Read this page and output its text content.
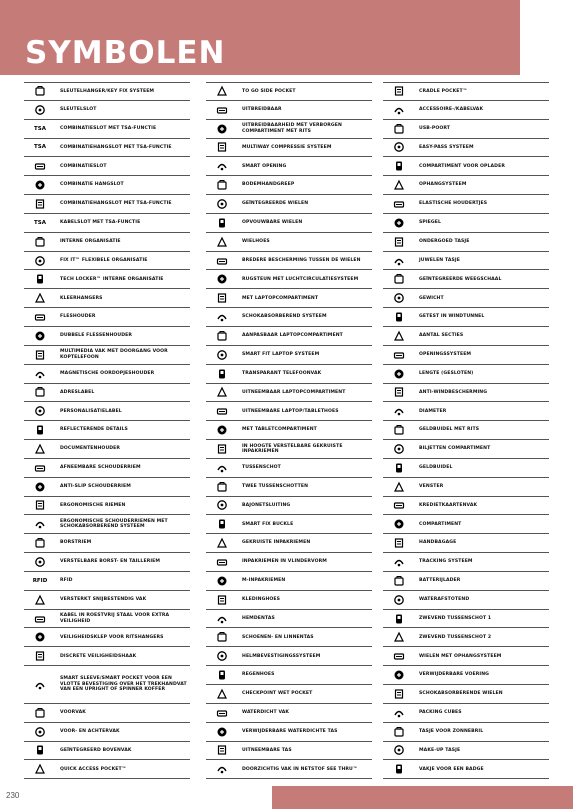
SYMBOLEN
SLEUTELHANGER/KEY FIX SYSTEEM
SLEUTELSLOT
TSA	COMBINATIESLOT MET TSA-FUNCTIE
TSA	COMBINATIEHANGSLOT MET TSA-FUNCTIE
COMBINATIESLOT
COMBINATIE HANGSLOT
COMBINATIEHANGSLOT MET TSA-FUNCTIE
TSA	KABELSLOT MET TSA-FUNCTIE
INTERNE ORGANISATIE
FIX IT™ FLEXIBELE ORGANISATIE
TECH LOCKER™ INTERNE ORGANISATIE
KLEERHANGERS
FLESHOUDER
DUBBELE FLESSENHOUDER
MULTIMEDIA VAK MET DOORGANG VOOR KOPTELEFOON
MAGNETISCHE OORDOPJESHOUDER
ADRESLABEL
PERSONALISATIELABEL
REFLECTERENDE DETAILS
DOCUMENTENHOUDER
AFNEEMBARE SCHOUDERRIEM
ANTI-SLIP SCHOUDERRIEM
ERGONOMISCHE RIEMEN
ERGONOMISCHE SCHOUDERRIEMEN MET SCHOKABSORBEREND SYSTEEM
BORSTRIEM
VERSTELBARE BORST- EN TAILLERIEM
RFID	RFID
VERSTERKT SNIJBESTENDIG VAK
KABEL IN ROESTVRIJ STAAL VOOR EXTRA VEILIGHEID
VEILIGHEIDSKLEP VOOR RITSHANGERS
DISCRETE VEILIGHEIDSHAAK
SMART SLEEVE/SMART POCKET VOOR EEN VLOTTE BEVESTIGING OVER HET TREKHANDVAT VAN EEN UPRIGHT OF SPINNER KOFFER
VOORVAK
VOOR- EN ACHTERVAK
GEÏNTEGREERD BOVENVAK
QUICK ACCESS POCKET™
TO GO SIDE POCKET
UITBREIDBAAR
UITBREIDBAARHEID MET VERBORGEN COMPARTIMENT MET RITS
MULTIWAY COMPRESSIE SYSTEEM
SMART OPENING
BODEMHANDGREEP
GEÏNTEGREERDE WIELEN
OPVOUWBARE WIELEN
WIELHOES
BREDERE BESCHERMING TUSSEN DE WIELEN
RUGSTEUN MET LUCHTCIRCULATIESYSTEEM
MET LAPTOPCOMPARTIMENT
SCHOKABSORBEREND SYSTEEM
AANPASBAAR LAPTOPCOMPARTIMENT
SMART FIT LAPTOP SYSTEEM
TRANSPARANT TELEFOONVAK
UITNEEMBAAR LAPTOPCOMPARTIMENT
UITNEEMBARE LAPTOP/TABLETHOES
MET TABLETCOMPARTIMENT
IN HOOGTE VERSTELBARE GEKRUISTE INPAKRIEMEN
TUSSENSCHOT
TWEE TUSSENSCHOTTEN
BAJONETSLUITING
SMART FIX BUCKLE
GEKRUISTE INPAKRIEMEN
INPAKRIEMEN IN VLINDERVORM
M-INPAKRIEMEN
KLEDINGHOES
HEMDENTAS
SCHOENEN- EN LINNENTAS
HELMBEVESTIGINGSSYSTEEM
REGENHOES
CHECKPOINT WET POCKET
WATERDICHT VAK
VERWIJDERBARE WATERDICHTE TAS
UITNEEMBARE TAS
DOORZICHTIG VAK IN NETSTOF SEE THRU™
CRADLE POCKET™
ACCESSOIRE-/KABELVAK
USB-POORT
EASY-PASS SYSTEEM
COMPARTIMENT VOOR OPLADER
OPHANGSYSTEEM
ELASTISCHE HOUDERTJES
SPIEGEL
ONDERGOED TASJE
JUWELEN TASJE
GEÏNTEGREERDE WEEGSCHAAL
GEWICHT
GETEST IN WINDTUNNEL
AANTAL SECTIES
OPENINGSSYSTEEM
LENGTE (GESLOTEN)
ANTI-WINDBESCHERMING
DIAMETER
GELDBUIDEL MET RITS
BILJETTEN COMPARTIMENT
GELDBUIDEL
VENSTER
KREDIETKAARTENVAK
COMPARTIMENT
HANDBAGAGE
TRACKING SYSTEEM
BATTERIJLADER
WATERAFSTOTEND
ZWEVEND TUSSENSCHOT 1
ZWEVEND TUSSENSCHOT 2
WIELEN MET OPHANGSYSTEEM
VERWIJDERBARE VOERING
SCHOKABSORBERENDE WIELEN
PACKING CUBES
TASJE VOOR ZONNEBRIL
MAKE-UP TASJE
VAKJE VOOR EEN BADGE
230
